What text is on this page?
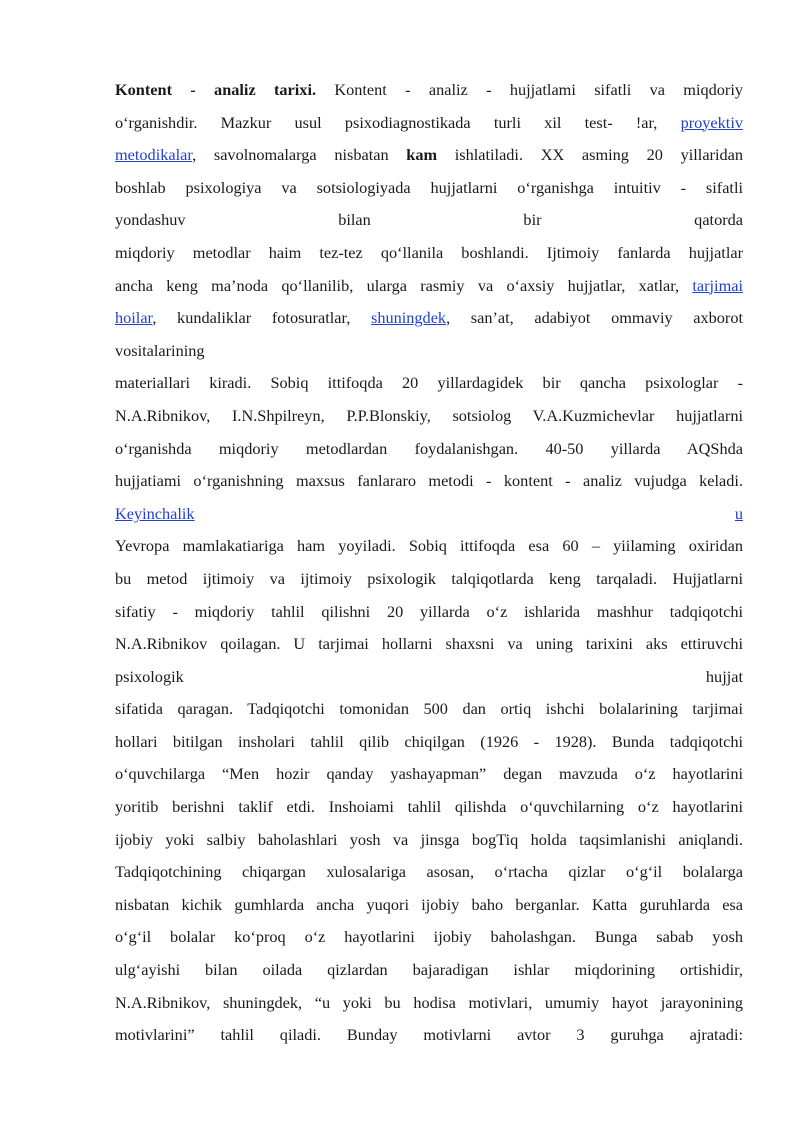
Kontent - analiz tarixi. Kontent - analiz - hujjatlami sifatli va miqdoriy
o‘rganishdir. Mazkur usul psixodiagnostikada turli xil test- !ar, proyektiv
metodikalar, savolnomalarga nisbatan kam ishlatiladi. XX asming 20 yillaridan
boshlab psixologiya va sotsiologiyada hujjatlarni o‘rganishga intuitiv - sifatli
yondashuv bilan bir qatorda
miqdoriy metodlar haim tez-tez qo‘llanila boshlandi. Ijtimoiy fanlarda hujjatlar
ancha keng ma’noda qo‘llanilib, ularga rasmiy va o‘axsiy hujjatlar, xatlar, tarjimai
hoilar, kundaliklar fotosuratlar, shuningdek, san’at, adabiyot ommaviy axborot
vositalarining
materiallari kiradi. Sobiq ittifoqda 20 yillardagidek bir qancha psixologlar -
N.A.Ribnikov, I.N.Shpilreyn, P.P.Blonskiy, sotsiolog V.A.Kuzmichevlar hujjatlarni
o‘rganishda miqdoriy metodlardan foydalanishgan. 40-50 yillarda AQShda
hujjatiami o‘rganishning maxsus fanlararo metodi - kontent - analiz vujudga keladi.
Keyinchalik	u
Yevropa mamlakatiariga ham yoyiladi. Sobiq ittifoqda esa 60 – yiilaming oxiridan
bu metod ijtimoiy va ijtimoiy psixologik talqiqotlarda keng tarqaladi. Hujjatlarni
sifatiy - miqdoriy tahlil qilishni 20 yillarda o‘z ishlarida mashhur tadqiqotchi
N.A.Ribnikov qoilagan. U tarjimai hollarni shaxsni va uning tarixini aks ettiruvchi
psixologik hujjat
sifatida qaragan. Tadqiqotchi tomonidan 500 dan ortiq ishchi bolalarining tarjimai
hollari bitilgan insholari tahlil qilib chiqilgan (1926 - 1928). Bunda tadqiqotchi
o‘quvchilarga “Men hozir qanday yashayapman” degan mavzuda o‘z hayotlarini
yoritib berishni taklif etdi. Inshoiami tahlil qilishda o‘quvchilarning o‘z hayotlarini
ijobiy yoki salbiy baholashlari yosh va jinsga bogTiq holda taqsimlanishi aniqlandi.
Tadqiqotchining chiqargan xulosalariga asosan, o‘rtacha qizlar o‘g‘il bolalarga
nisbatan kichik gumhlarda ancha yuqori ijobiy baho berganlar. Katta guruhlarda esa
o‘g‘il bolalar ko‘proq o‘z hayotlarini ijobiy baholashgan. Bunga sabab yosh
ulg‘ayishi bilan oilada qizlardan bajaradigan ishlar miqdorining ortishidir,
N.A.Ribnikov, shuningdek, “u yoki bu hodisa motivlari, umumiy hayot jarayonining
motivlarini” tahlil qiladi. Bunday motivlarni avtor 3 guruhga ajratadi:
